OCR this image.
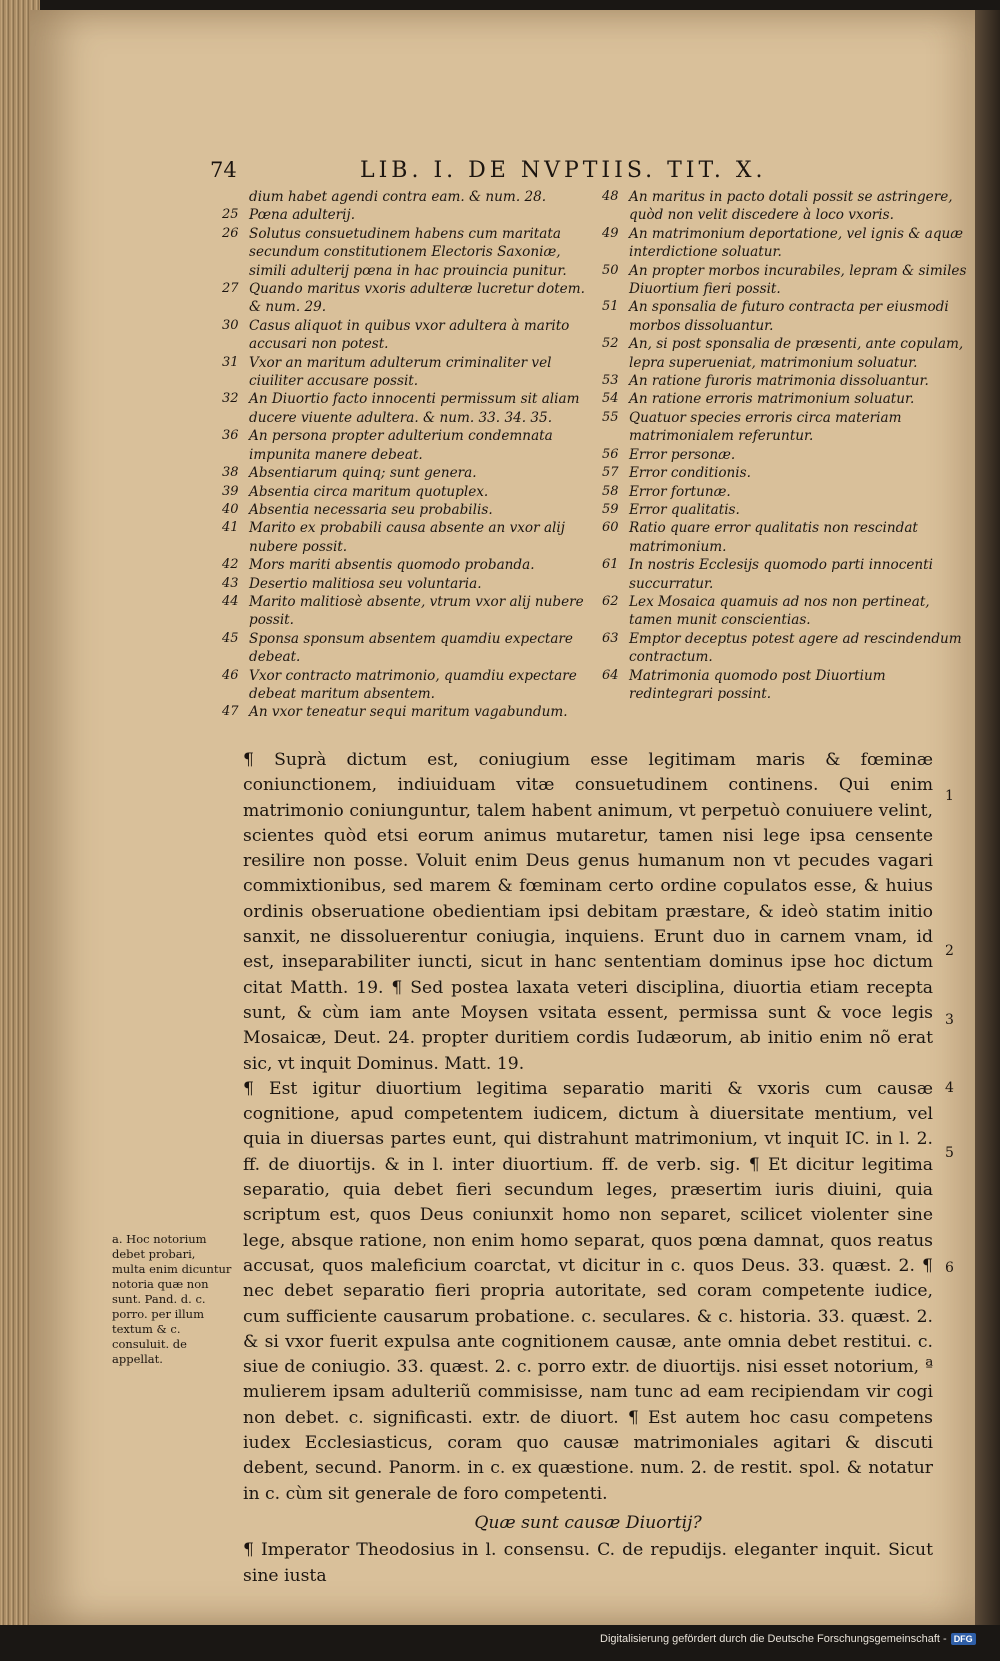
74	LIB. I. DE NVPTIIS. TIT. X.
dium habet agendi contra eam. & num. 28.
25 Pœna adulterij.
26 Solutus consuetudinem habens cum maritata secundum constitutionem Electoris Saxoniæ, simili adulterij pœna in hac prouincia punitur.
27 Quando maritus vxoris adulteræ lucretur dotem. & num. 29.
30 Casus aliquot in quibus vxor adultera à marito accusari non potest.
31 Vxor an maritum adulterum criminaliter vel ciuiliter accusare possit.
32 An Diuortio facto innocenti permissum sit aliam ducere viuente adultera. & num. 33. 34. 35.
36 An persona propter adulterium condemnata impunita manere debeat.
38 Absentiarum quinq; sunt genera.
39 Absentia circa maritum quotuplex.
40 Absentia necessaria seu probabilis.
41 Marito ex probabili causa absente an vxor alij nubere possit.
42 Mors mariti absentis quomodo probanda.
43 Desertio malitiosa seu voluntaria.
44 Marito malitiosè absente, vtrum vxor alij nubere possit.
45 Sponsa sponsum absentem quamdiu expectare debeat.
46 Vxor contracto matrimonio, quamdiu expectare debeat maritum absentem.
47 An vxor teneatur sequi maritum vagabundum.
48 An maritus in pacto dotali possit se astringere, quòd non velit discedere à loco vxoris.
49 An matrimonium deportatione, vel ignis & aquæ interdictione soluatur.
50 An propter morbos incurabiles, lepram & similes Diuortium fieri possit.
51 An sponsalia de futuro contracta per eiusmodi morbos dissoluantur.
52 An, si post sponsalia de præsenti, ante copulam, lepra superueniat, matrimonium soluatur.
53 An ratione furoris matrimonia dissoluantur.
54 An ratione erroris matrimonium soluatur.
55 Quatuor species erroris circa materiam matrimonialem referuntur.
56 Error personæ.
57 Error conditionis.
58 Error fortunæ.
59 Error qualitatis.
60 Ratio quare error qualitatis non rescindat matrimonium.
61 In nostris Ecclesijs quomodo parti innocenti succurratur.
62 Lex Mosaica quamuis ad nos non pertineat, tamen munit conscientias.
63 Emptor deceptus potest agere ad rescindendum contractum.
64 Matrimonia quomodo post Diuortium redintegrari possint.

¶ Suprà dictum est, coniugium esse legitimam maris & fœminæ coniunctionem, indiuiduam vitæ consuetudinem continens. Qui enim matrimonio coniunguntur, talem habent animum, vt perpetuò conuiuere velint, scientes quòd etsi eorum animus mutaretur, tamen nisi lege ipsa censente resilire non posse. Voluit enim Deus genus humanum non vt pecudes vagari commixtionibus, sed marem & fœminam certo ordine copulatos esse, & huius ordinis obseruatione obedientiam ipsi debitam præstare, & ideò statim initio sanxit, ne dissoluerentur coniugia, inquiens. Erunt duo in carnem vnam, id est, inseparabiliter iuncti, sicut in hanc sententiam dominus ipse hoc dictum citat Matth. 19. ¶ Sed postea laxata veteri disciplina, diuortia etiam recepta sunt, & cùm iam ante Moysen vsitata essent, permissa sunt & voce legis Mosaicæ, Deut. 24. propter duritiem cordis Iudæorum, ab initio enim nõ erat sic, vt inquit Dominus. Matt. 19.

¶ Est igitur diuortium legitima separatio mariti & vxoris cum causæ cognitione, apud competentem iudicem, dictum à diuersitate mentium, vel quia in diuersas partes eunt, qui distrahunt matrimonium, vt inquit IC. in l. 2. ff. de diuortijs. & in l. inter diuortium. ff. de verb. sig. ¶ Et dicitur legitima separatio, quia debet fieri secundum leges, præsertim iuris diuini, quia scriptum est, quos Deus coniunxit homo non separet, scilicet violenter sine lege, absque ratione, non enim homo separat, quos pœna damnat, quos reatus accusat, quos maleficium coarctat, vt dicitur in c. quos Deus. 33. quæst. 2. ¶ nec debet separatio fieri propria autoritate, sed coram competente iudice, cum sufficiente causarum probatione. c. seculares. & c. historia. 33. quæst. 2. & si vxor fuerit expulsa ante cognitionem causæ, ante omnia debet restitui. c. siue de coniugio. 33. quæst. 2. c. porro extr. de diuortijs. nisi esset notorium, ª mulierem ipsam adulteriũ commisisse, nam tunc ad eam recipiendam vir cogi non debet. c. significasti. extr. de diuort. ¶ Est autem hoc casu competens iudex Ecclesiasticus, coram quo causæ matrimoniales agitari & discuti debent, secund. Panorm. in c. ex quæstione. num. 2. de restit. spol. & notatur in c. cùm sit generale de foro competenti.

Quæ sunt causæ Diuortij?

¶ Imperator Theodosius in l. consensu. C. de repudijs. eleganter inquit. Sicut sine iusta

1
2
3
4
5
6
a. Hoc notorium debet probari, multa enim dicuntur notoria quæ non sunt. Pand. d. c. porro. per illum textum & c. consuluit. de appellat.
Digitalisierung gefördert durch die Deutsche Forschungsgemeinschaft - DFG
